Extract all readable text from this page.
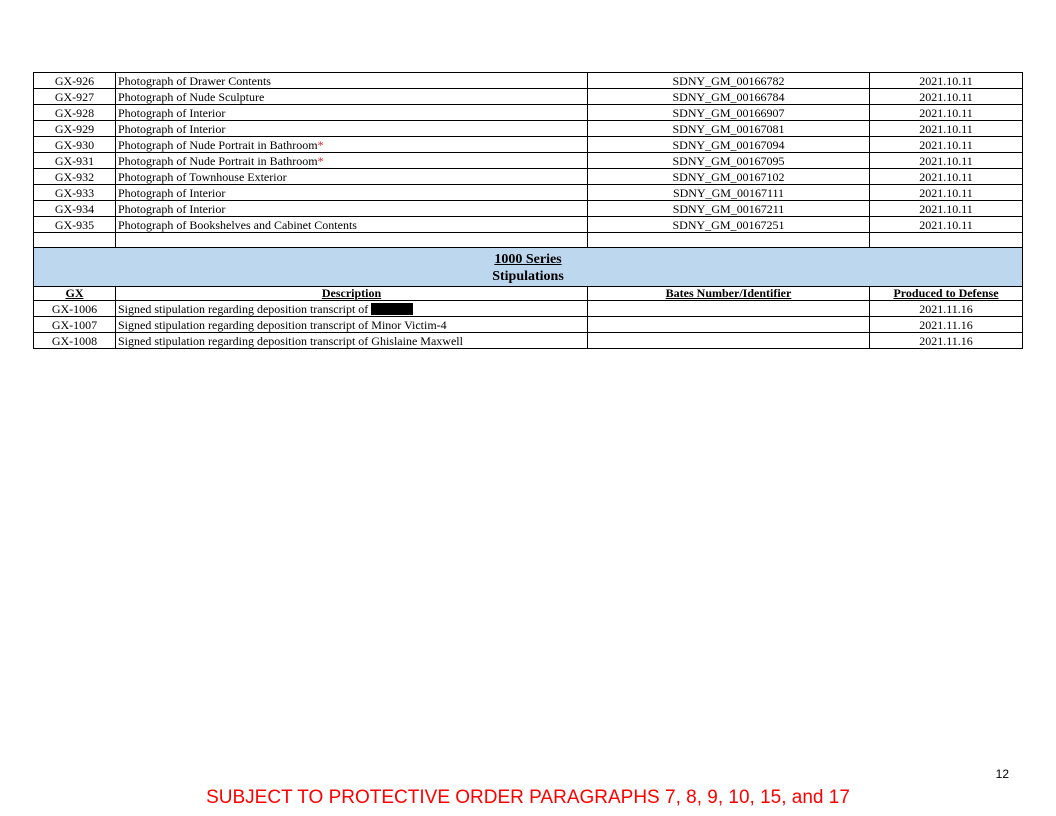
GX-926	Photograph of Drawer Contents	SDNY_GM_00166782	2021.10.11
GX-927	Photograph of Nude Sculpture	SDNY_GM_00166784	2021.10.11
GX-928	Photograph of Interior	SDNY_GM_00166907	2021.10.11
GX-929	Photograph of Interior	SDNY_GM_00167081	2021.10.11
GX-930	Photograph of Nude Portrait in Bathroom*	SDNY_GM_00167094	2021.10.11
GX-931	Photograph of Nude Portrait in Bathroom*	SDNY_GM_00167095	2021.10.11
GX-932	Photograph of Townhouse Exterior	SDNY_GM_00167102	2021.10.11
GX-933	Photograph of Interior	SDNY_GM_00167111	2021.10.11
GX-934	Photograph of Interior	SDNY_GM_00167211	2021.10.11
GX-935	Photograph of Bookshelves and Cabinet Contents	SDNY_GM_00167251	2021.10.11

1000 Series
Stipulations			

GX	Description	Bates Number/Identifier	Produced to Defense
GX-1006	Signed stipulation regarding deposition transcript of		2021.11.16
GX-1007	Signed stipulation regarding deposition transcript of Minor Victim-4		2021.11.16
GX-1008	Signed stipulation regarding deposition transcript of Ghislaine Maxwell		2021.11.16
12
SUBJECT TO PROTECTIVE ORDER PARAGRAPHS 7, 8, 9, 10, 15, and 17
